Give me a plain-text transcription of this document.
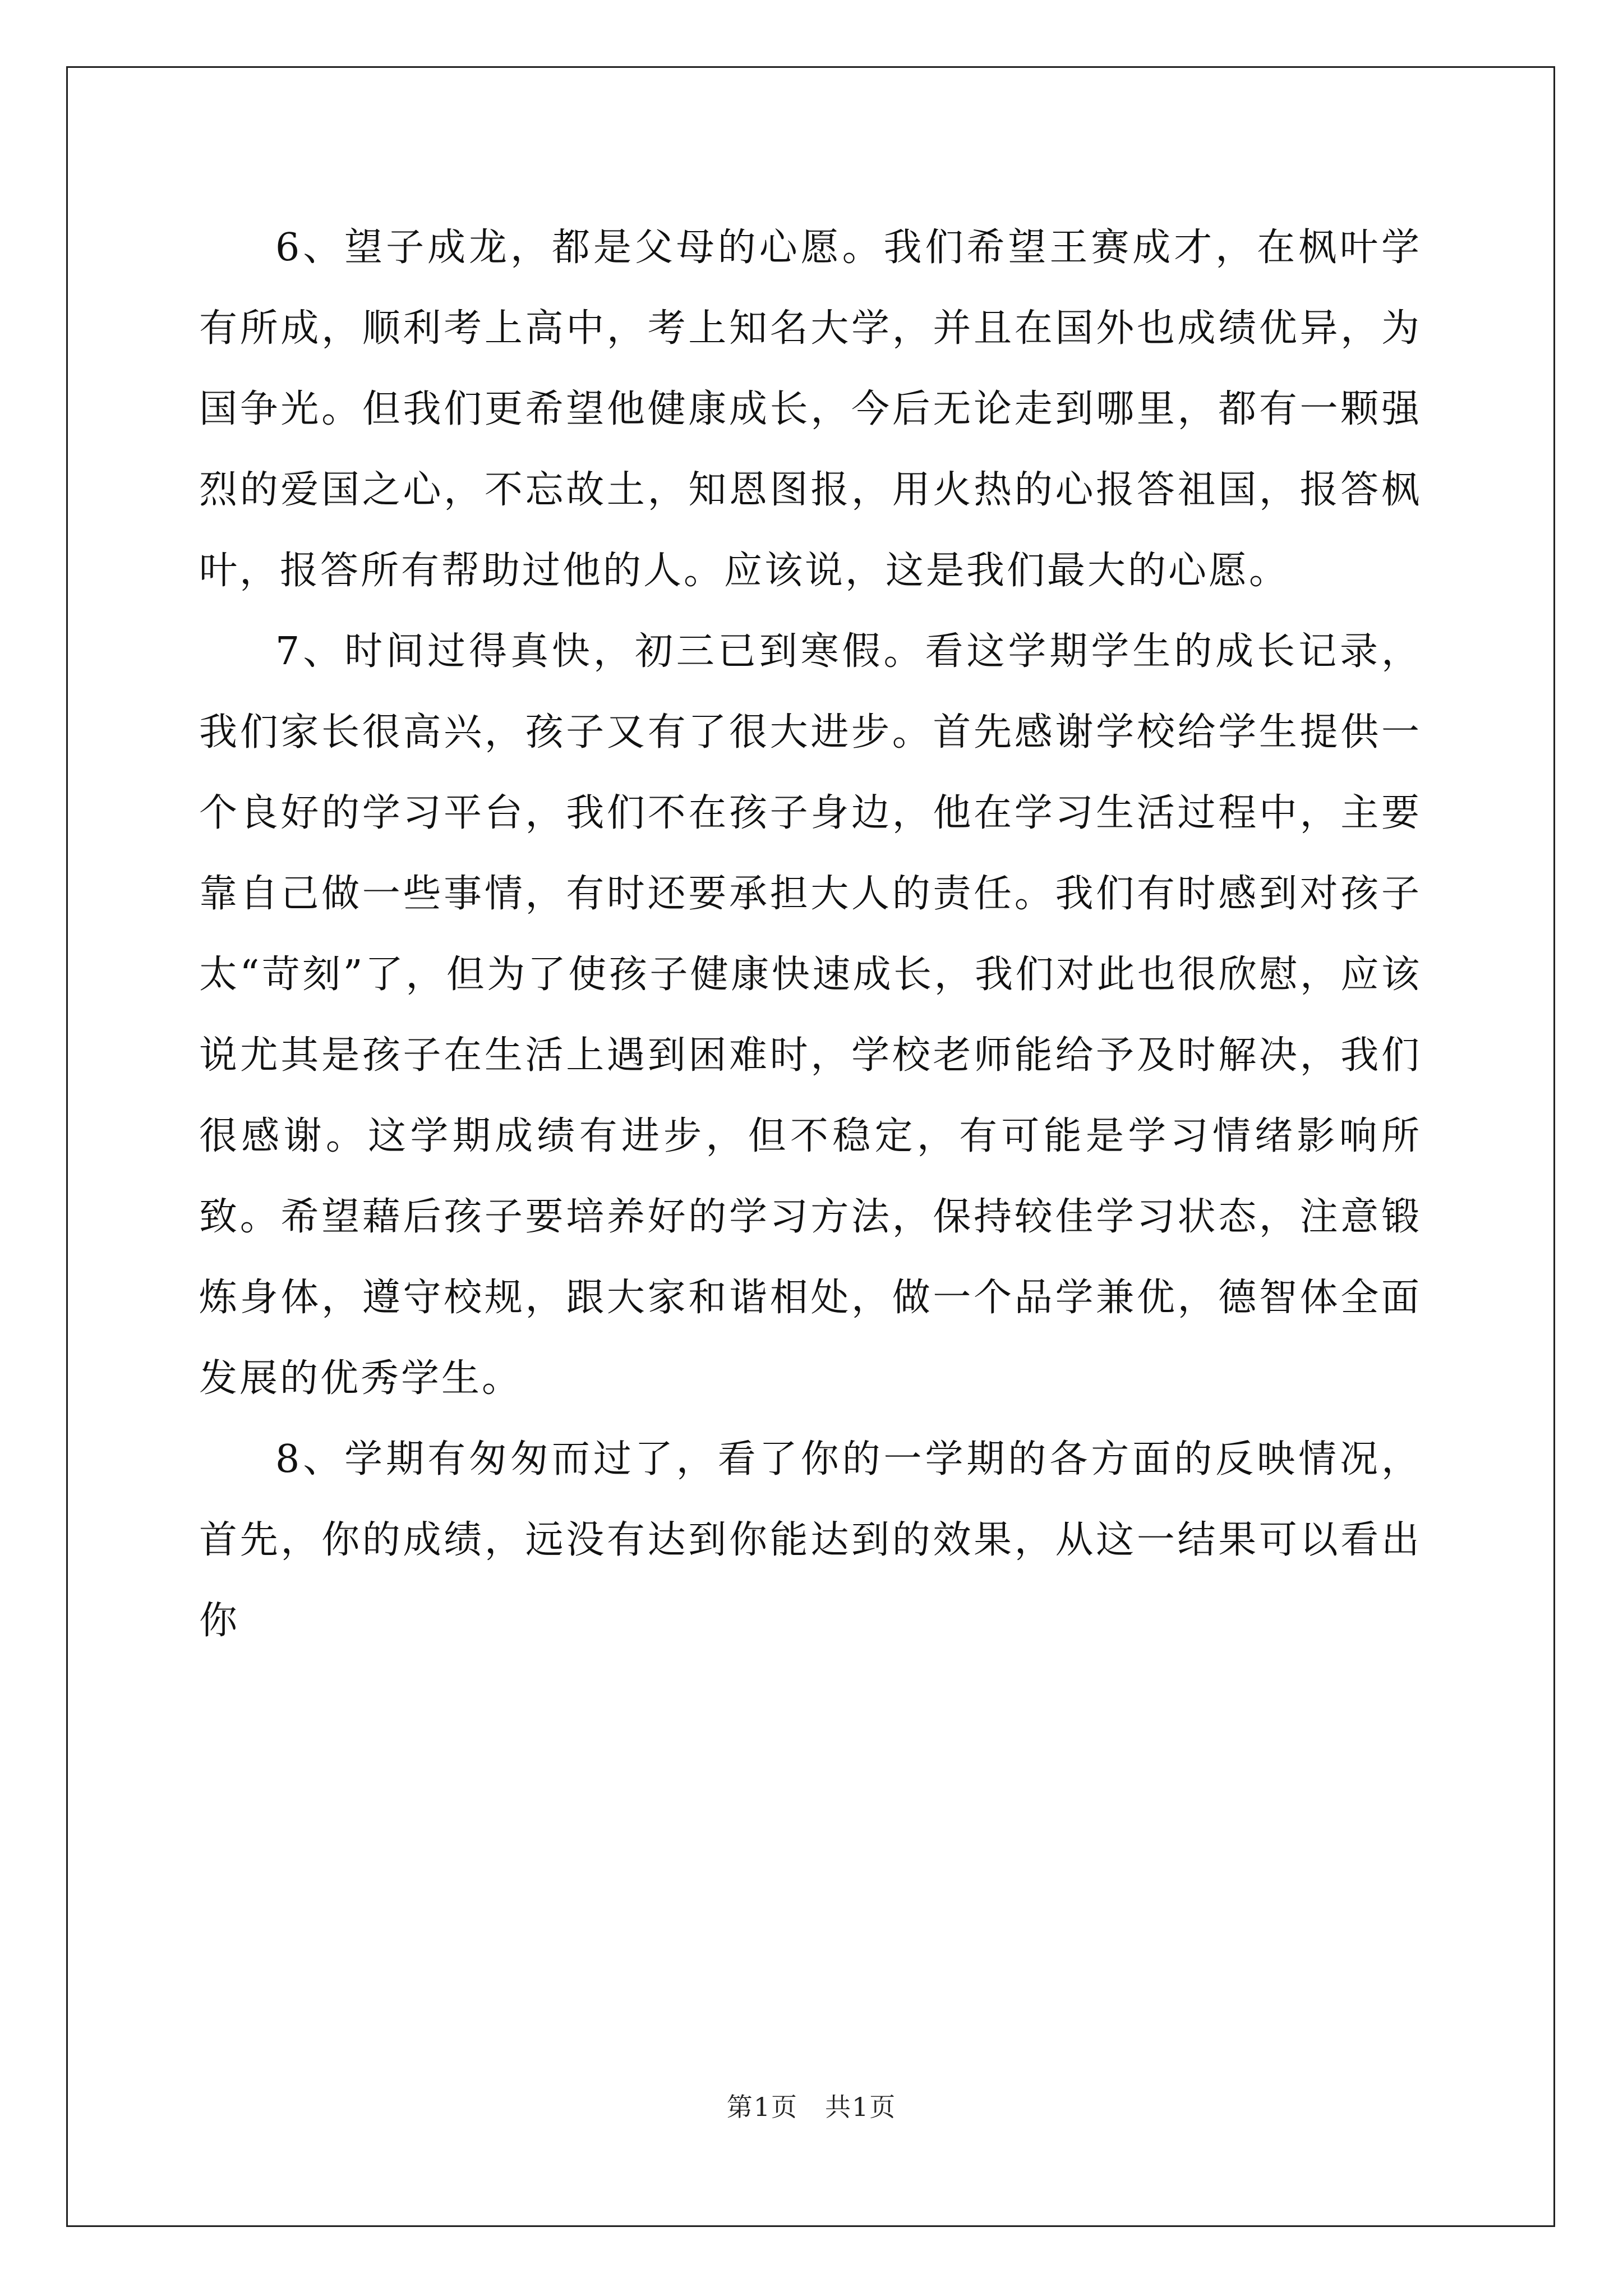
6、望子成龙，都是父母的心愿。我们希望王赛成才，在枫叶学有所成，顺利考上高中，考上知名大学，并且在国外也成绩优异，为国争光。但我们更希望他健康成长，今后无论走到哪里，都有一颗强烈的爱国之心，不忘故土，知恩图报，用火热的心报答祖国，报答枫叶，报答所有帮助过他的人。应该说，这是我们最大的心愿。

7、时间过得真快，初三已到寒假。看这学期学生的成长记录，我们家长很高兴，孩子又有了很大进步。首先感谢学校给学生提供一个良好的学习平台，我们不在孩子身边，他在学习生活过程中，主要靠自己做一些事情，有时还要承担大人的责任。我们有时感到对孩子太“苛刻”了，但为了使孩子健康快速成长，我们对此也很欣慰，应该说尤其是孩子在生活上遇到困难时，学校老师能给予及时解决，我们很感谢。这学期成绩有进步，但不稳定，有可能是学习情绪影响所致。希望藉后孩子要培养好的学习方法，保持较佳学习状态，注意锻炼身体，遵守校规，跟大家和谐相处，做一个品学兼优，德智体全面发展的优秀学生。

8、学期有匆匆而过了，看了你的一学期的各方面的反映情况，首先，你的成绩，远没有达到你能达到的效果，从这一结果可以看出你

第1页　共1页
